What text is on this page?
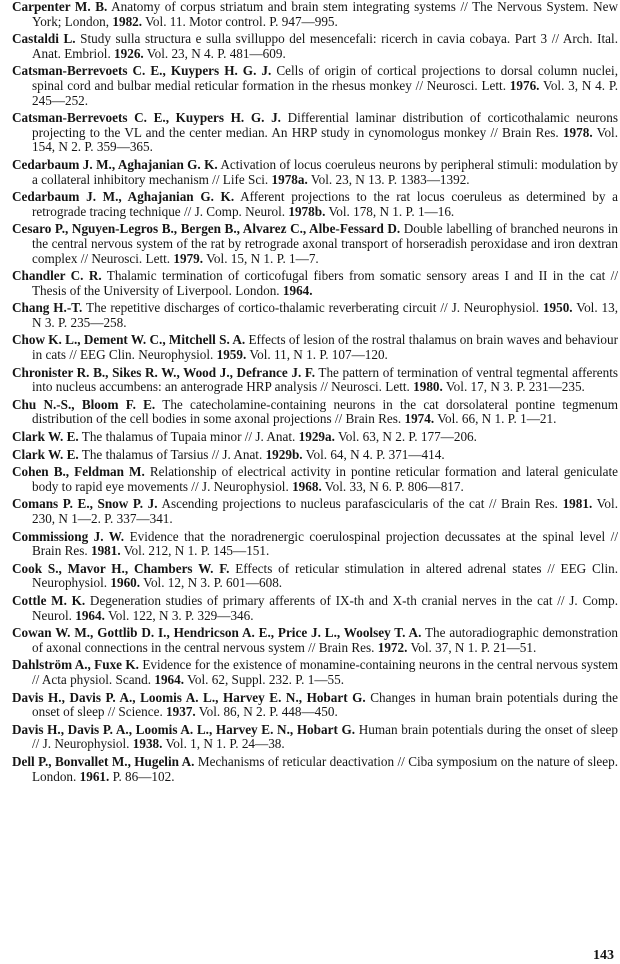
Carpenter M. B. Anatomy of corpus striatum and brain stem integrating systems // The Nervous System. New York; London, 1982. Vol. 11. Motor control. P. 947—995.

Castaldi L. Study sulla structura e sulla svilluppo del mesencefali: ricerch in cavia cobaya. Part 3 // Arch. Ital. Anat. Embriol. 1926. Vol. 23, N 4. P. 481—609.

Catsman-Berrevoets C. E., Kuypers H. G. J. Cells of origin of cortical projections to dorsal column nuclei, spinal cord and bulbar medial reticular formation in the rhesus monkey // Neurosci. Lett. 1976. Vol. 3, N 4. P. 245—252.

Catsman-Berrevoets C. E., Kuypers H. G. J. Differential laminar distribution of corticothalamic neurons projecting to the VL and the center median. An HRP study in cynomologus monkey // Brain Res. 1978. Vol. 154, N 2. P. 359—365.

Cedarbaum J. M., Aghajanian G. K. Activation of locus coeruleus neurons by peripheral stimuli: modulation by a collateral inhibitory mechanism // Life Sci. 1978a. Vol. 23, N 13. P. 1383—1392.

Cedarbaum J. M., Aghajanian G. K. Afferent projections to the rat locus coeruleus as determined by a retrograde tracing technique // J. Comp. Neurol. 1978b. Vol. 178, N 1. P. 1—16.

Cesaro P., Nguyen-Legros B., Bergen B., Alvarez C., Albe-Fessard D. Double labelling of branched neurons in the central nervous system of the rat by retrograde axonal transport of horseradish peroxidase and iron dextran complex // Neurosci. Lett. 1979. Vol. 15, N 1. P. 1—7.

Chandler C. R. Thalamic termination of corticofugal fibers from somatic sensory areas I and II in the cat // Thesis of the University of Liverpool. London. 1964.

Chang H.-T. The repetitive discharges of cortico-thalamic reverberating circuit // J. Neurophysiol. 1950. Vol. 13, N 3. P. 235—258.

Chow K. L., Dement W. C., Mitchell S. A. Effects of lesion of the rostral thalamus on brain waves and behaviour in cats // EEG Clin. Neurophysiol. 1959. Vol. 11, N 1. P. 107—120.

Chronister R. B., Sikes R. W., Wood J., Defrance J. F. The pattern of termination of ventral tegmental afferents into nucleus accumbens: an anterograde HRP analysis // Neurosci. Lett. 1980. Vol. 17, N 3. P. 231—235.

Chu N.-S., Bloom F. E. The catecholamine-containing neurons in the cat dorsolateral pontine tegmenum distribution of the cell bodies in some axonal projections // Brain Res. 1974. Vol. 66, N 1. P. 1—21.

Clark W. E. The thalamus of Tupaia minor // J. Anat. 1929a. Vol. 63, N 2. P. 177—206.

Clark W. E. The thalamus of Tarsius // J. Anat. 1929b. Vol. 64, N 4. P. 371—414.

Cohen B., Feldman M. Relationship of electrical activity in pontine reticular formation and lateral geniculate body to rapid eye movements // J. Neurophysiol. 1968. Vol. 33, N 6. P. 806—817.

Comans P. E., Snow P. J. Ascending projections to nucleus parafascicularis of the cat // Brain Res. 1981. Vol. 230, N 1—2. P. 337—341.

Commissiong J. W. Evidence that the noradrenergic coerulospinal projection decussates at the spinal level // Brain Res. 1981. Vol. 212, N 1. P. 145—151.

Cook S., Mavor H., Chambers W. F. Effects of reticular stimulation in altered adrenal states // EEG Clin. Neurophysiol. 1960. Vol. 12, N 3. P. 601—608.

Cottle M. K. Degeneration studies of primary afferents of IX-th and X-th cranial nerves in the cat // J. Comp. Neurol. 1964. Vol. 122, N 3. P. 329—346.

Cowan W. M., Gottlib D. I., Hendricson A. E., Price J. L., Woolsey T. A. The autoradiographic demonstration of axonal connections in the central nervous system // Brain Res. 1972. Vol. 37, N 1. P. 21—51.

Dahlström A., Fuxe K. Evidence for the existence of monamine-containing neurons in the central nervous system // Acta physiol. Scand. 1964. Vol. 62, Suppl. 232. P. 1—55.

Davis H., Davis P. A., Loomis A. L., Harvey E. N., Hobart G. Changes in human brain potentials during the onset of sleep // Science. 1937. Vol. 86, N 2. P. 448—450.

Davis H., Davis P. A., Loomis A. L., Harvey E. N., Hobart G. Human brain potentials during the onset of sleep // J. Neurophysiol. 1938. Vol. 1, N 1. P. 24—38.

Dell P., Bonvallet M., Hugelin A. Mechanisms of reticular deactivation // Ciba symposium on the nature of sleep. London. 1961. P. 86—102.

143
